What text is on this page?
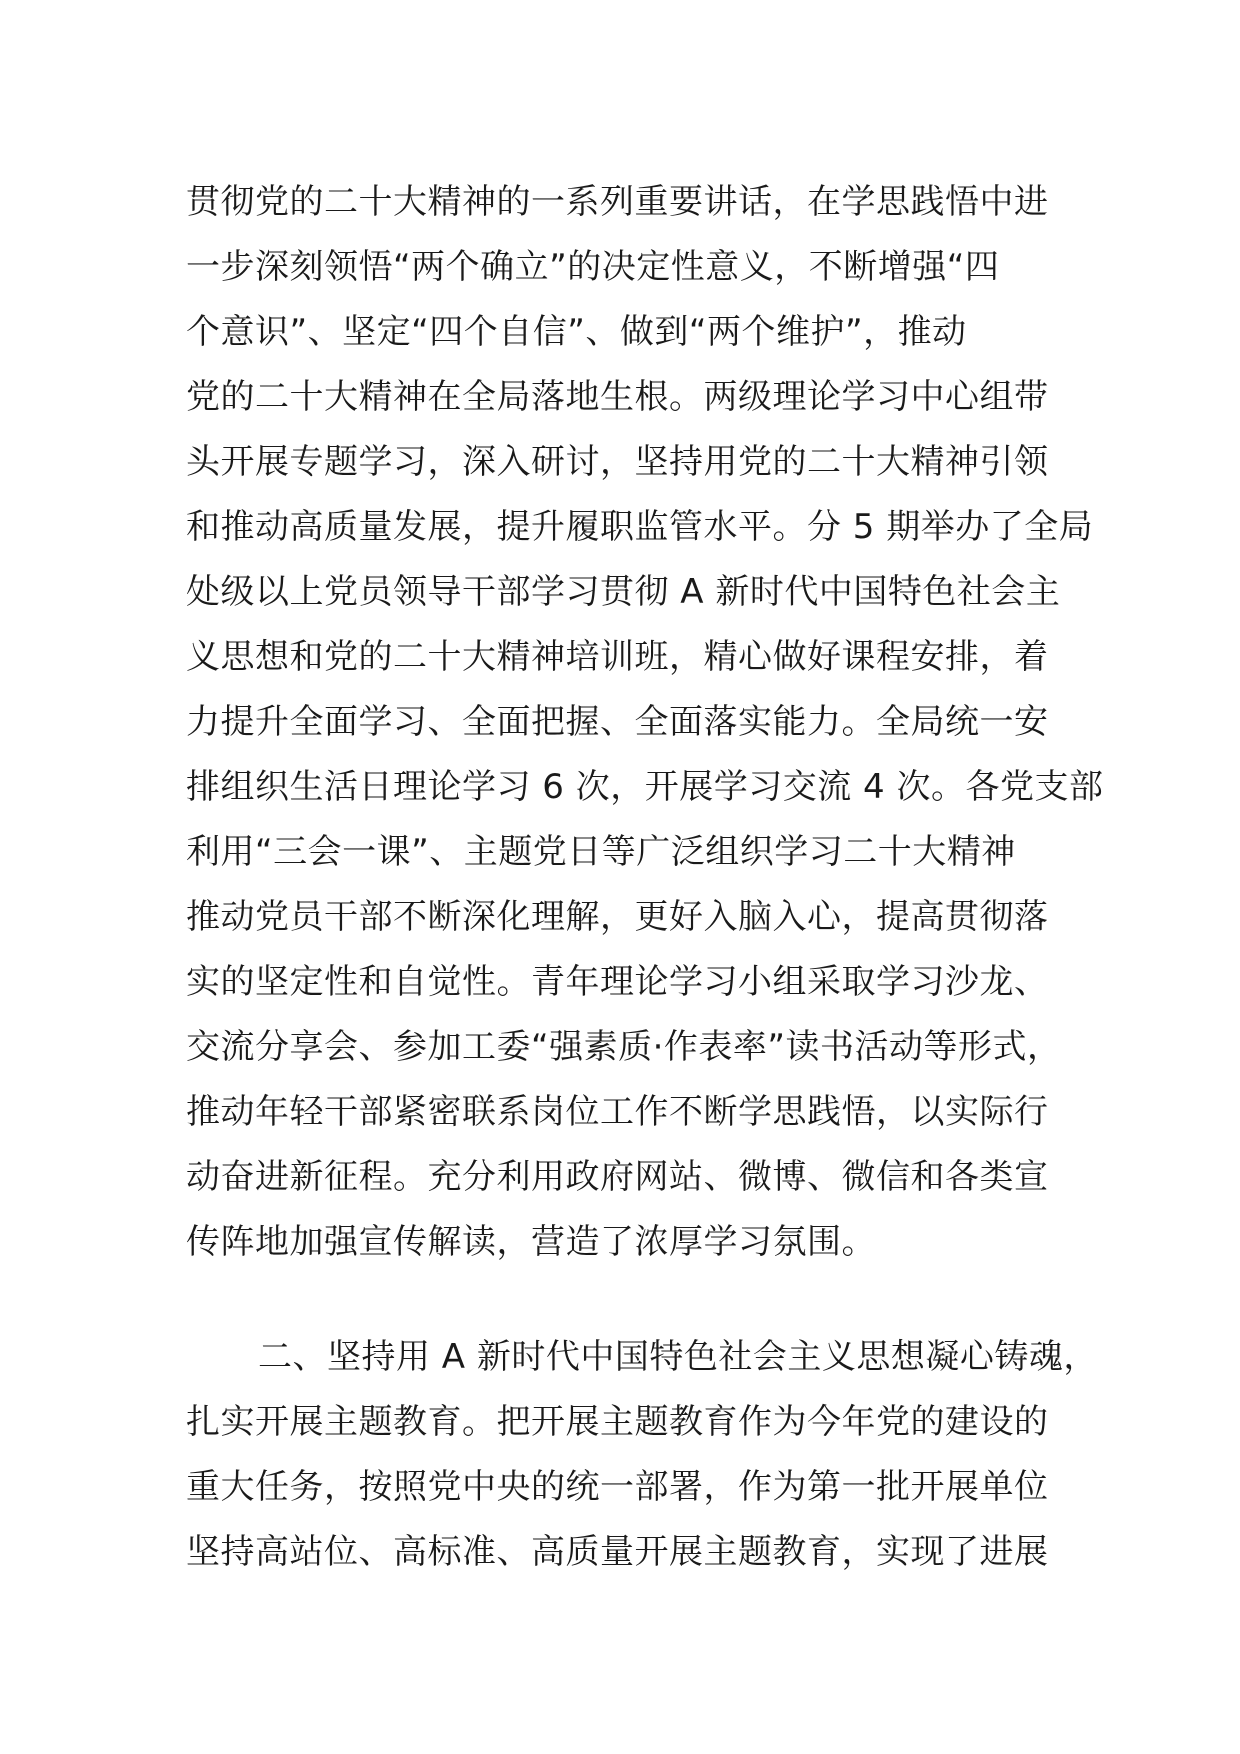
贯彻党的二十大精神的一系列重要讲话，在学思践悟中进
一步深刻领悟“两个确立”的决定性意义，不断增强“四
个意识”、坚定“四个自信”、做到“两个维护”，推动
党的二十大精神在全局落地生根。两级理论学习中心组带
头开展专题学习，深入研讨，坚持用党的二十大精神引领
和推动高质量发展，提升履职监管水平。分 5 期举办了全局
处级以上党员领导干部学习贯彻 A 新时代中国特色社会主
义思想和党的二十大精神培训班，精心做好课程安排，着
力提升全面学习、全面把握、全面落实能力。全局统一安
排组织生活日理论学习 6 次，开展学习交流 4 次。各党支部
利用“三会一课”、主题党日等广泛组织学习二十大精神
推动党员干部不断深化理解，更好入脑入心，提高贯彻落
实的坚定性和自觉性。青年理论学习小组采取学习沙龙、
交流分享会、参加工委“强素质·作表率”读书活动等形式，
推动年轻干部紧密联系岗位工作不断学思践悟，以实际行
动奋进新征程。充分利用政府网站、微博、微信和各类宣
传阵地加强宣传解读，营造了浓厚学习氛围。
二、坚持用 A 新时代中国特色社会主义思想凝心铸魂，
扎实开展主题教育。把开展主题教育作为今年党的建设的
重大任务，按照党中央的统一部署，作为第一批开展单位
坚持高站位、高标准、高质量开展主题教育，实现了进展
